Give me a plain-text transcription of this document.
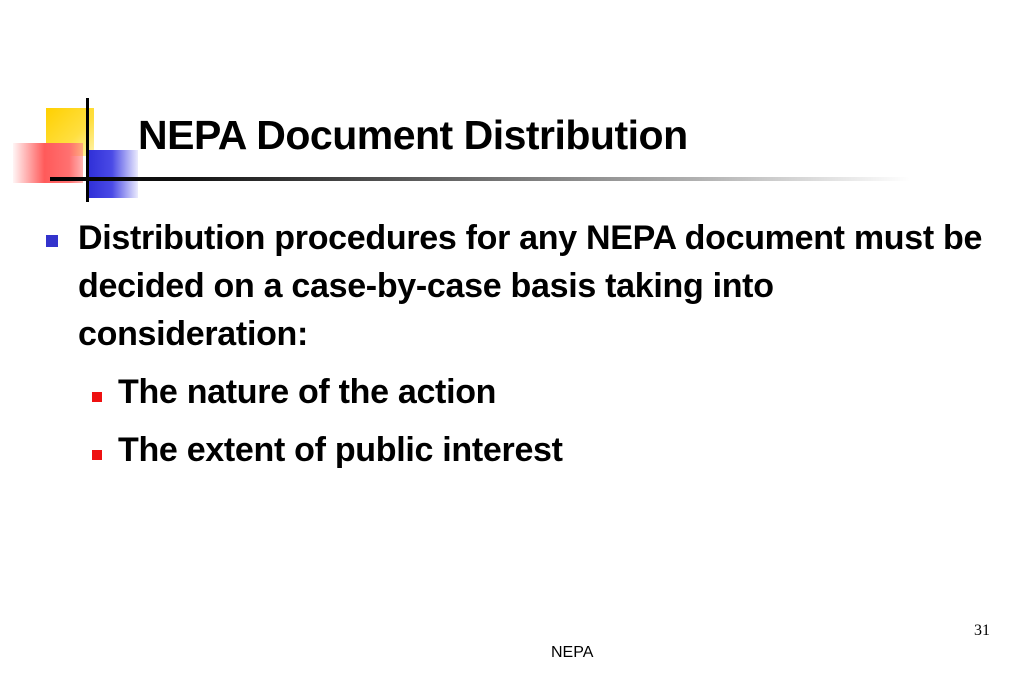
NEPA Document Distribution

Distribution procedures for any NEPA document must be decided on a case-by-case basis taking into consideration:

The nature of the action
The extent of public interest
31
NEPA
